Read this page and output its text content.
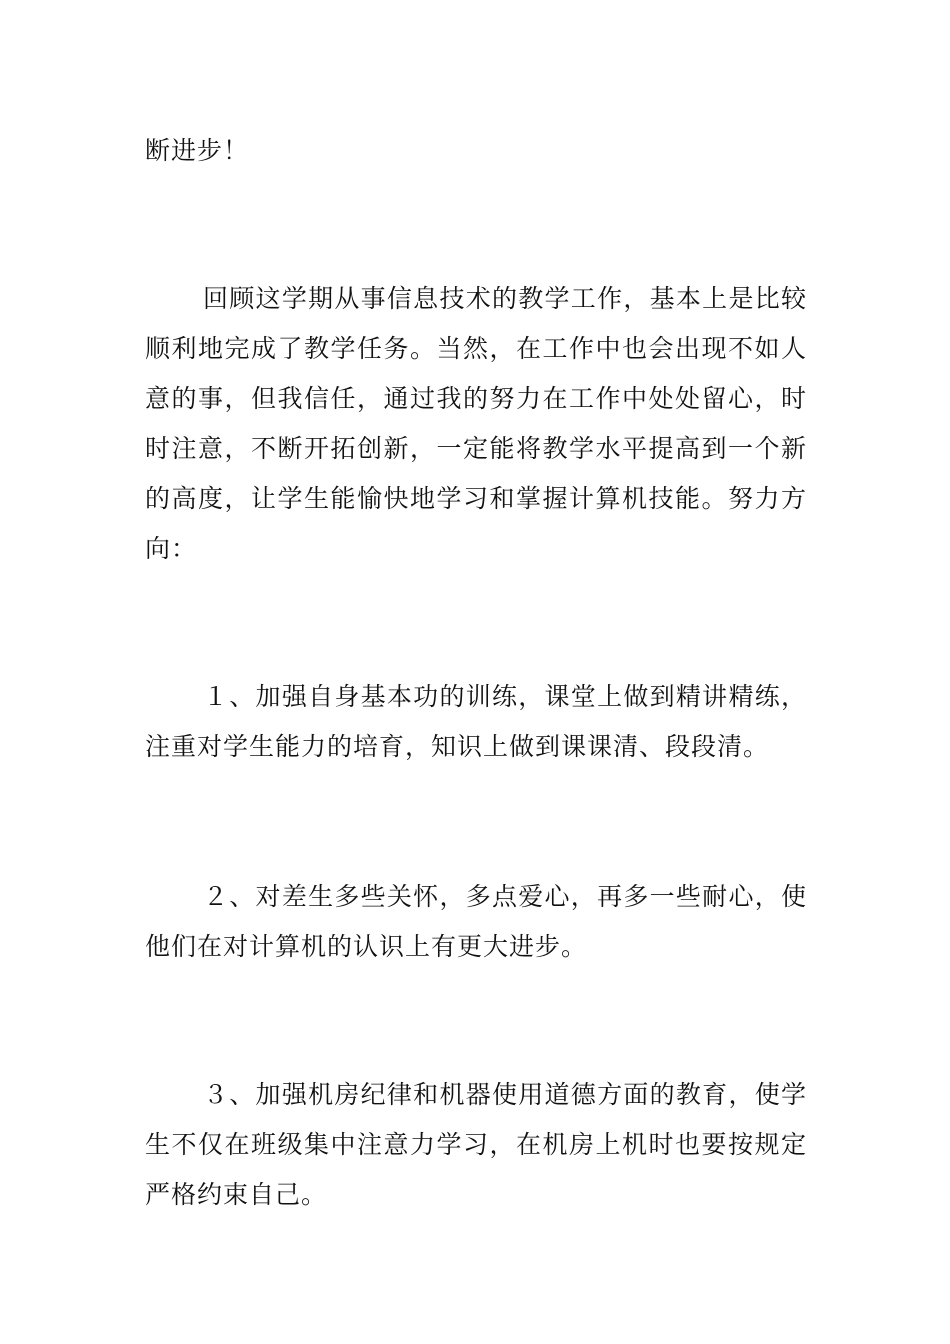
断进步！

回顾这学期从事信息技术的教学工作，基本上是比较顺利地完成了教学任务。当然，在工作中也会出现不如人意的事，但我信任，通过我的努力在工作中处处留心，时时注意，不断开拓创新，一定能将教学水平提高到一个新的高度，让学生能愉快地学习和掌握计算机技能。努力方向：

１、加强自身基本功的训练，课堂上做到精讲精练，注重对学生能力的培育，知识上做到课课清、段段清。

２、对差生多些关怀，多点爱心，再多一些耐心，使他们在对计算机的认识上有更大进步。

３、加强机房纪律和机器使用道德方面的教育，使学生不仅在班级集中注意力学习，在机房上机时也要按规定严格约束自己。
